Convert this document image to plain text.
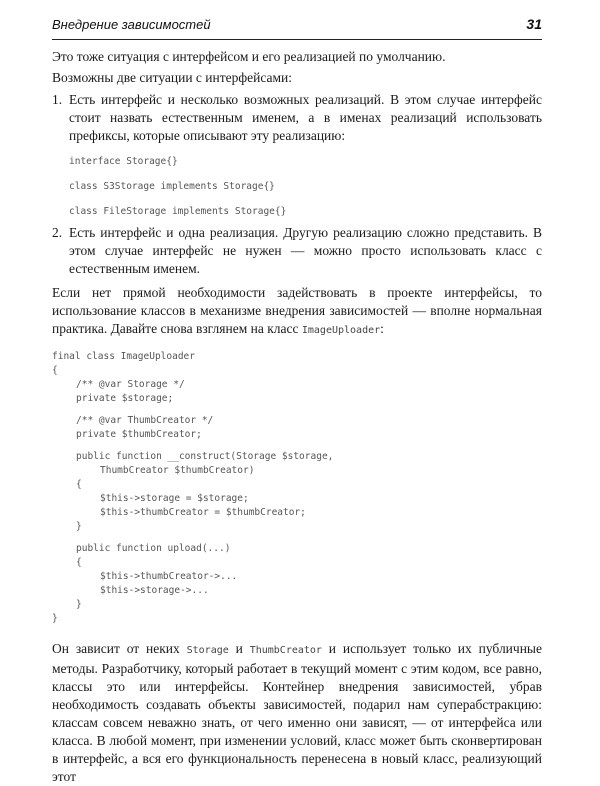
Внедрение зависимостей	31

Это тоже ситуация с интерфейсом и его реализацией по умолчанию.

Возможны две ситуации с интерфейсами:

1. Есть интерфейс и несколько возможных реализаций. В этом случае интерфейс стоит назвать естественным именем, а в именах реализаций использовать префиксы, которые описывают эту реализацию:

interface Storage{}
class S3Storage implements Storage{}
class FileStorage implements Storage{}
2. Есть интерфейс и одна реализация. Другую реализацию сложно представить. В этом случае интерфейс не нужен — можно просто использовать класс с естественным именем.

Если нет прямой необходимости задействовать в проекте интерфейсы, то использование классов в механизме внедрения зависимостей — вполне нормальная практика. Давайте снова взглянем на класс ImageUploader:

final class ImageUploader
{
/** @var Storage */
private $storage;
/** @var ThumbCreator */
private $thumbCreator;
public function __construct(Storage $storage,
ThumbCreator $thumbCreator)
{
$this->storage = $storage;
$this->thumbCreator = $thumbCreator;
}
public function upload(...)
{
$this->thumbCreator->...
$this->storage->...
}
}

Он зависит от неких Storage и ThumbCreator и использует только их публичные методы. Разработчику, который работает в текущий момент с этим кодом, все равно, классы это или интерфейсы. Контейнер внедрения зависимостей, убрав необходимость создавать объекты зависимостей, подарил нам суперабстракцию: классам совсем неважно знать, от чего именно они зависят, — от интерфейса или класса. В любой момент, при изменении условий, класс может быть сконвертирован в интерфейс, а вся его функциональность перенесена в новый класс, реализующий этот
